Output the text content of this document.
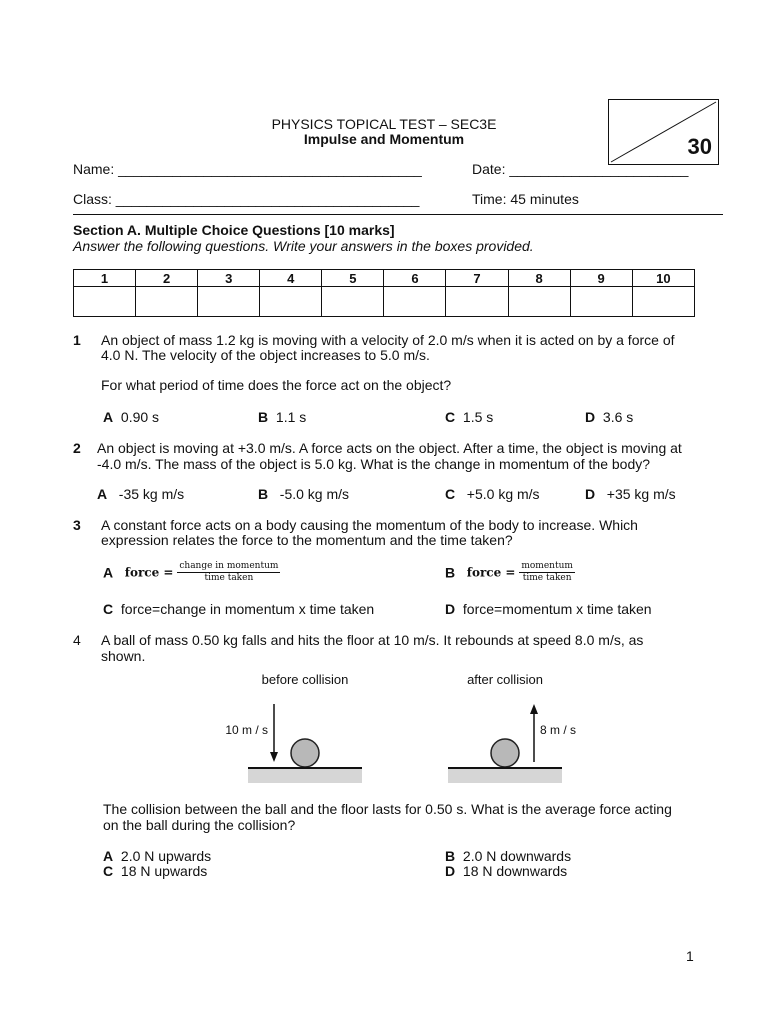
PHYSICS TOPICAL TEST – SEC3E
Impulse and Momentum	30
Name: _______________________________________	Date: _______________________
Class: _______________________________________	Time: 45 minutes
Section A. Multiple Choice Questions [10 marks]
Answer the following questions. Write your answers in the boxes provided.
1	2	3	4	5	6	7	8	9	10

1 An object of mass 1.2 kg is moving with a velocity of 2.0 m/s when it is acted on by a force of
4.0 N. The velocity of the object increases to 5.0 m/s.
For what period of time does the force act on the object?
A 0.90 s	B 1.1 s	C 1.5 s	D 3.6 s
2 An object is moving at +3.0 m/s. A force acts on the object. After a time, the object is moving at
-4.0 m/s. The mass of the object is 5.0 kg. What is the change in momentum of the body?
A -35 kg m/s	B -5.0 kg m/s	C +5.0 kg m/s	D +35 kg m/s
3 A constant force acts on a body causing the momentum of the body to increase. Which
expression relates the force to the momentum and the time taken?
A force = $\frac{\text{change in momentum}}{\text{time taken}}$	B force = $\frac{\text{momentum}}{\text{time taken}}$
C force=change in momentum x time taken	D force=momentum x time taken
4 A ball of mass 0.50 kg falls and hits the floor at 10 m/s. It rebounds at speed 8.0 m/s, as
shown.
before collision
10 m / s
after collision
8 m / s
The collision between the ball and the floor lasts for 0.50 s. What is the average force acting
on the ball during the collision?
A 2.0 N upwards	B 2.0 N downwards
C 18 N upwards	D 18 N downwards
1
